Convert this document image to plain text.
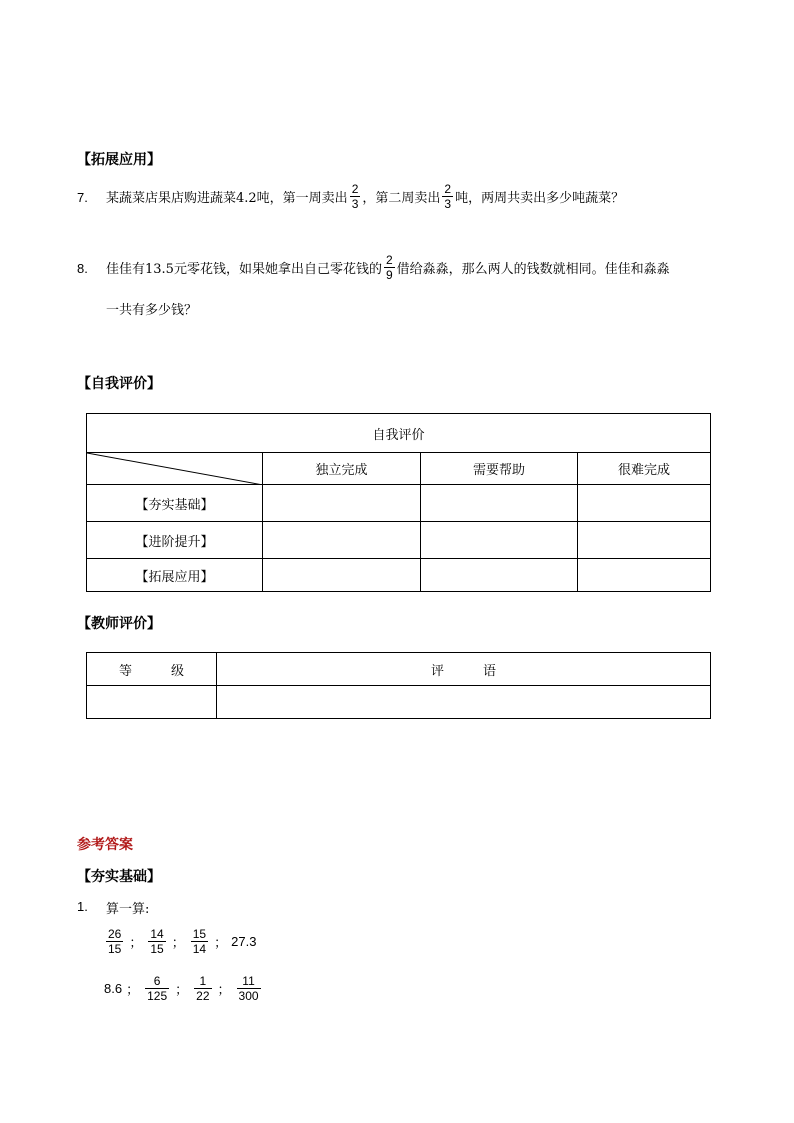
【拓展应用】
7. 某蔬菜店果店购进蔬菜4.2吨，第一周卖出 $\frac{2}{3}$ ，第二周卖出 $\frac{2}{3}$ 吨，两周共卖出多少吨蔬菜？
8. 佳佳有13.5元零花钱，如果她拿出自己零花钱的 $\frac{2}{9}$ 借给淼淼，那么两人的钱数就相同。佳佳和淼淼
一共有多少钱？
【自我评价】
自我评价			

	独立完成	需要帮助	很难完成
【夯实基础】			
【进阶提升】			
【拓展应用】			
【教师评价】
等　　　级	评　　　语

参考答案
【夯实基础】
1. 算一算:
$\frac{26}{15}$ ； $\frac{14}{15}$ ； $\frac{15}{14}$ ； 27.3
8.6 ； $\frac{6}{125}$ ； $\frac{1}{22}$ ； $\frac{11}{300}$
